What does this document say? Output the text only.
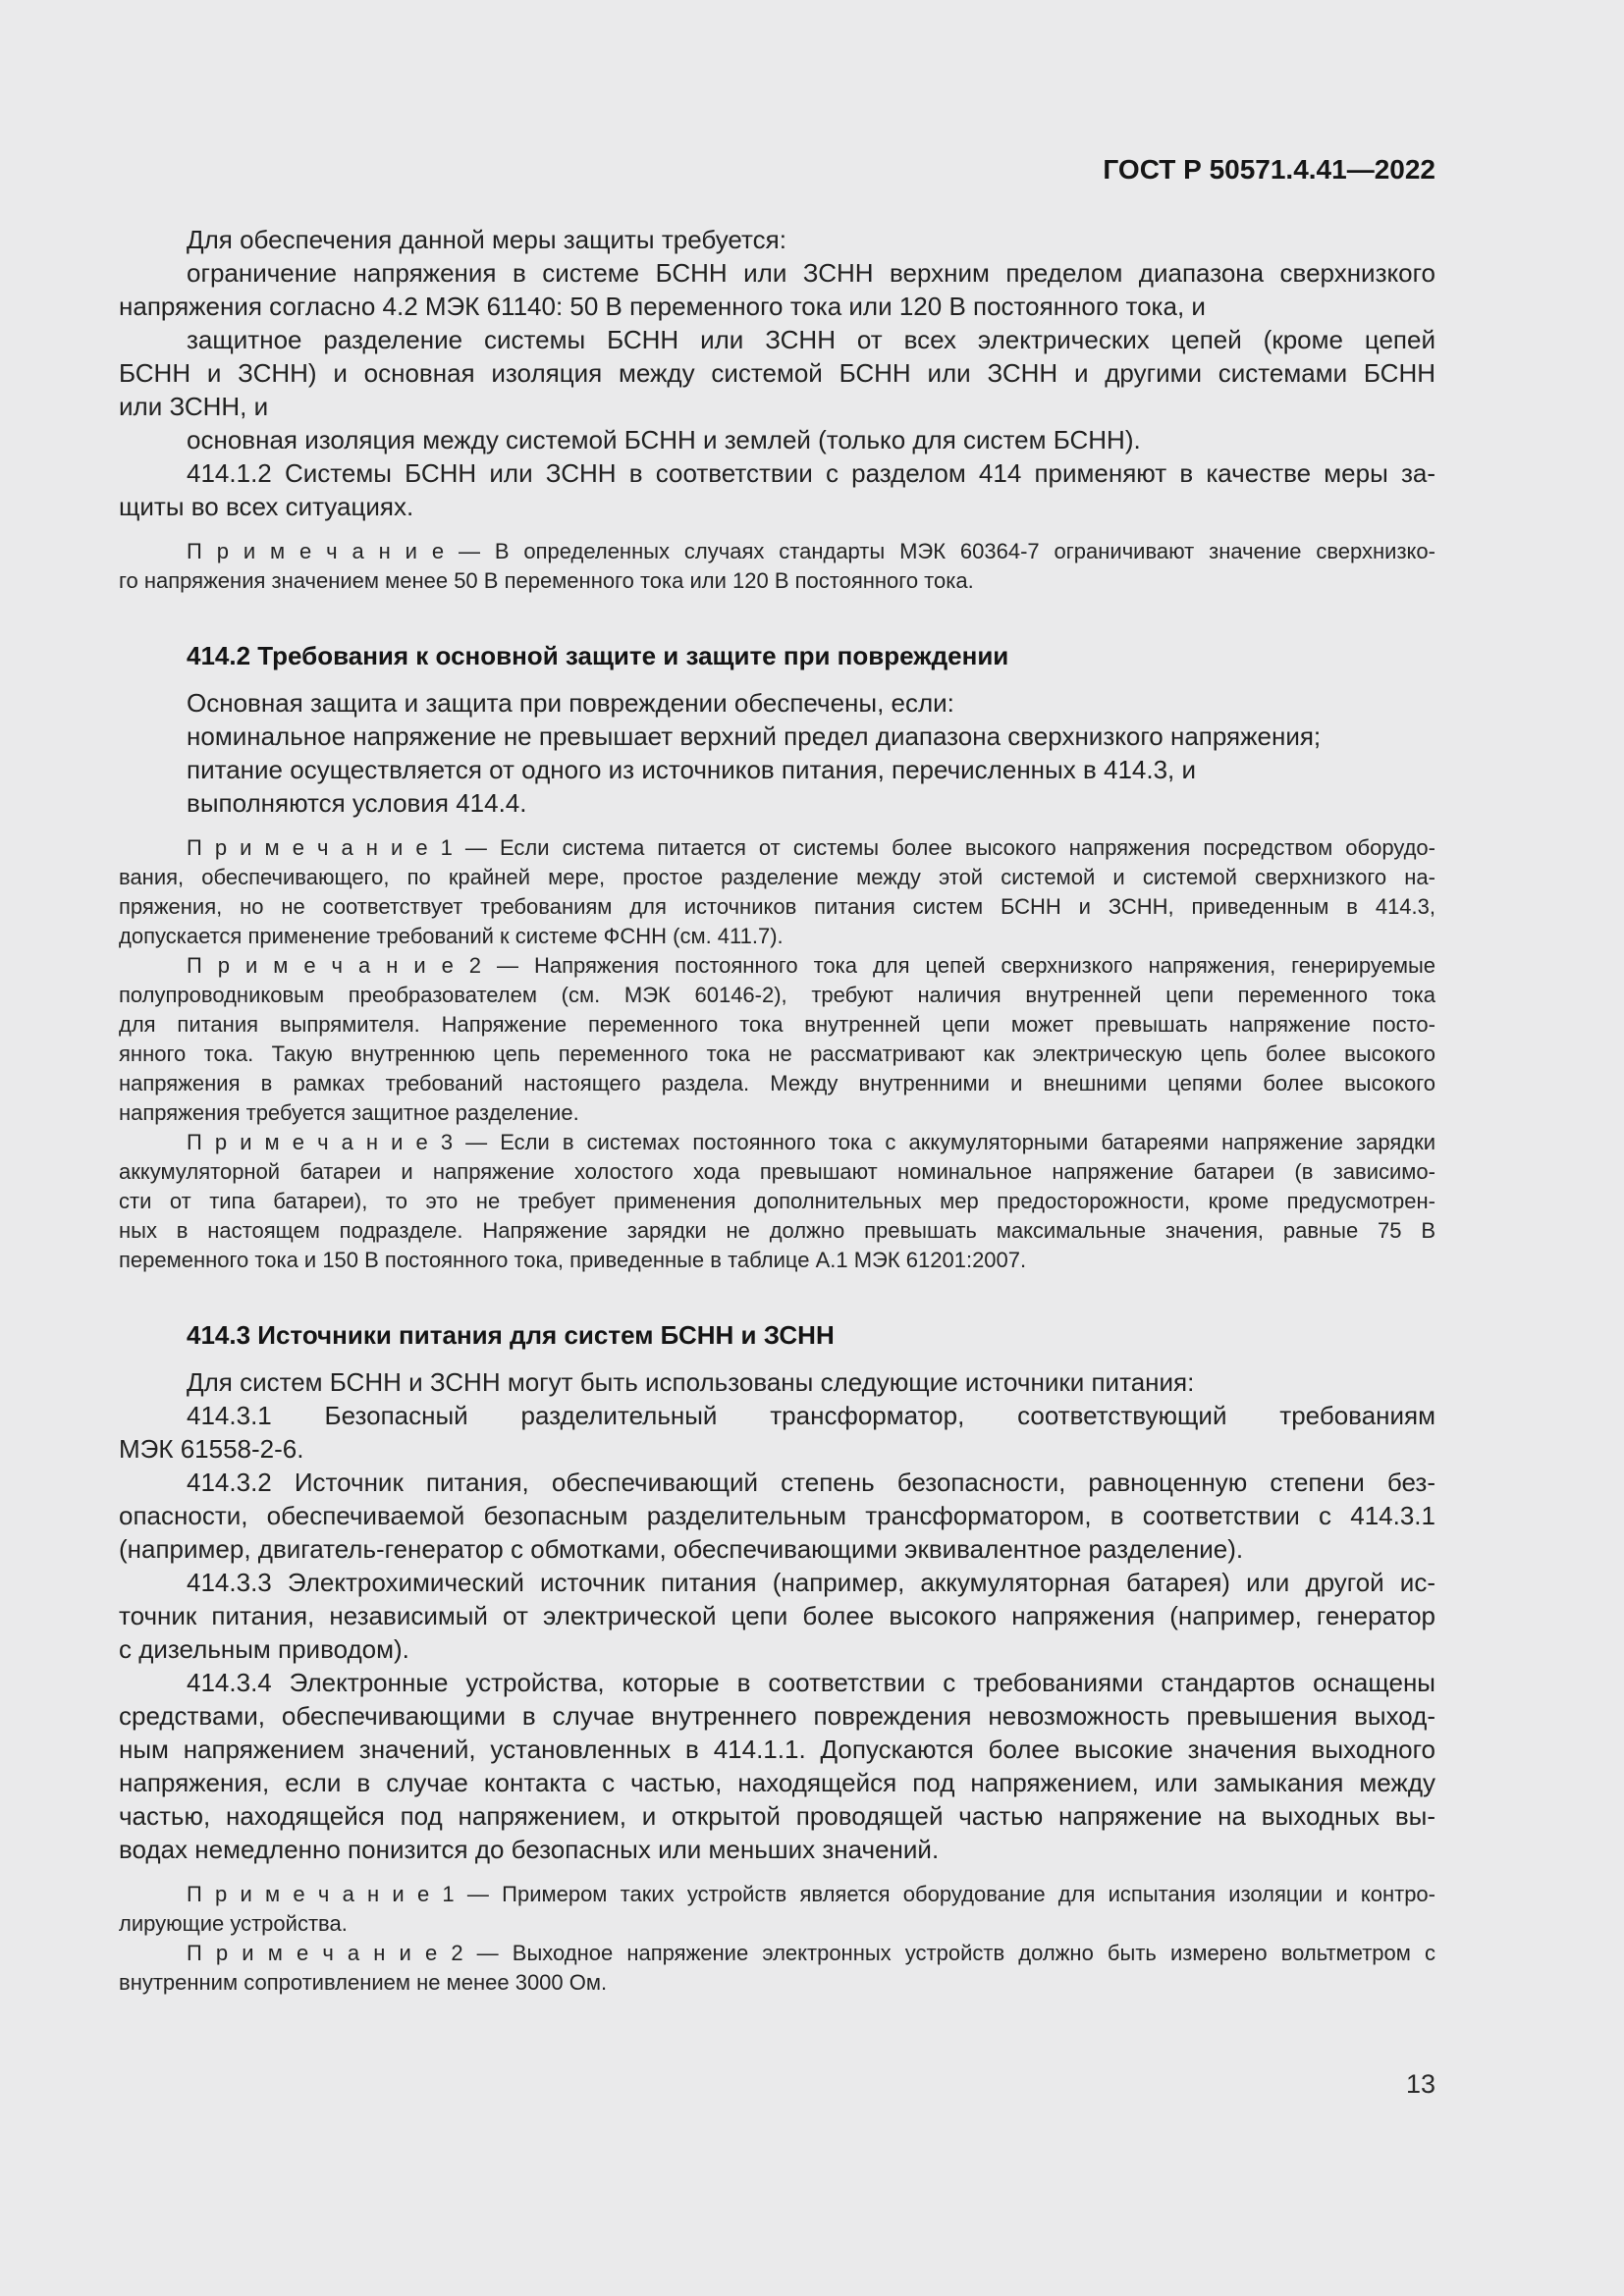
ГОСТ Р 50571.4.41—2022
Для обеспечения данной меры защиты требуется:
ограничение напряжения в системе БСНН или ЗСНН верхним пределом диапазона сверхнизкого
напряжения согласно 4.2 МЭК 61140: 50 В переменного тока или 120 В постоянного тока, и
защитное разделение системы БСНН или ЗСНН от всех электрических цепей (кроме цепей
БСНН и ЗСНН) и основная изоляция между системой БСНН или ЗСНН и другими системами БСНН
или ЗСНН, и
основная изоляция между системой БСНН и землей (только для систем БСНН).
414.1.2 Системы БСНН или ЗСНН в соответствии с разделом 414 применяют в качестве меры за-
щиты во всех ситуациях.
П р и м е ч а н и е — В определенных случаях стандарты МЭК 60364-7 ограничивают значение сверхнизко-
го напряжения значением менее 50 В переменного тока или 120 В постоянного тока.
414.2 Требования к основной защите и защите при повреждении
Основная защита и защита при повреждении обеспечены, если:
номинальное напряжение не превышает верхний предел диапазона сверхнизкого напряжения;
питание осуществляется от одного из источников питания, перечисленных в 414.3, и
выполняются условия 414.4.
П р и м е ч а н и е 1 — Если система питается от системы более высокого напряжения посредством оборудо-
вания, обеспечивающего, по крайней мере, простое разделение между этой системой и системой сверхнизкого на-
пряжения, но не соответствует требованиям для источников питания систем БСНН и ЗСНН, приведенным в 414.3,
допускается применение требований к системе ФСНН (см. 411.7).
П р и м е ч а н и е 2 — Напряжения постоянного тока для цепей сверхнизкого напряжения, генерируемые
полупроводниковым преобразователем (см. МЭК 60146-2), требуют наличия внутренней цепи переменного тока
для питания выпрямителя. Напряжение переменного тока внутренней цепи может превышать напряжение посто-
янного тока. Такую внутреннюю цепь переменного тока не рассматривают как электрическую цепь более высокого
напряжения в рамках требований настоящего раздела. Между внутренними и внешними цепями более высокого
напряжения требуется защитное разделение.
П р и м е ч а н и е 3 — Если в системах постоянного тока с аккумуляторными батареями напряжение зарядки
аккумуляторной батареи и напряжение холостого хода превышают номинальное напряжение батареи (в зависимо-
сти от типа батареи), то это не требует применения дополнительных мер предосторожности, кроме предусмотрен-
ных в настоящем подразделе. Напряжение зарядки не должно превышать максимальные значения, равные 75 В
переменного тока и 150 В постоянного тока, приведенные в таблице А.1 МЭК 61201:2007.
414.3 Источники питания для систем БСНН и ЗСНН
Для систем БСНН и ЗСНН могут быть использованы следующие источники питания:
414.3.1 Безопасный разделительный трансформатор, соответствующий требованиям
МЭК 61558-2-6.
414.3.2 Источник питания, обеспечивающий степень безопасности, равноценную степени без-
опасности, обеспечиваемой безопасным разделительным трансформатором, в соответствии с 414.3.1
(например, двигатель-генератор с обмотками, обеспечивающими эквивалентное разделение).
414.3.3 Электрохимический источник питания (например, аккумуляторная батарея) или другой ис-
точник питания, независимый от электрической цепи более высокого напряжения (например, генератор
с дизельным приводом).
414.3.4 Электронные устройства, которые в соответствии с требованиями стандартов оснащены
средствами, обеспечивающими в случае внутреннего повреждения невозможность превышения выход-
ным напряжением значений, установленных в 414.1.1. Допускаются более высокие значения выходного
напряжения, если в случае контакта с частью, находящейся под напряжением, или замыкания между
частью, находящейся под напряжением, и открытой проводящей частью напряжение на выходных вы-
водах немедленно понизится до безопасных или меньших значений.
П р и м е ч а н и е 1 — Примером таких устройств является оборудование для испытания изоляции и контро-
лирующие устройства.
П р и м е ч а н и е 2 — Выходное напряжение электронных устройств должно быть измерено вольтметром с
внутренним сопротивлением не менее 3000 Ом.
13
